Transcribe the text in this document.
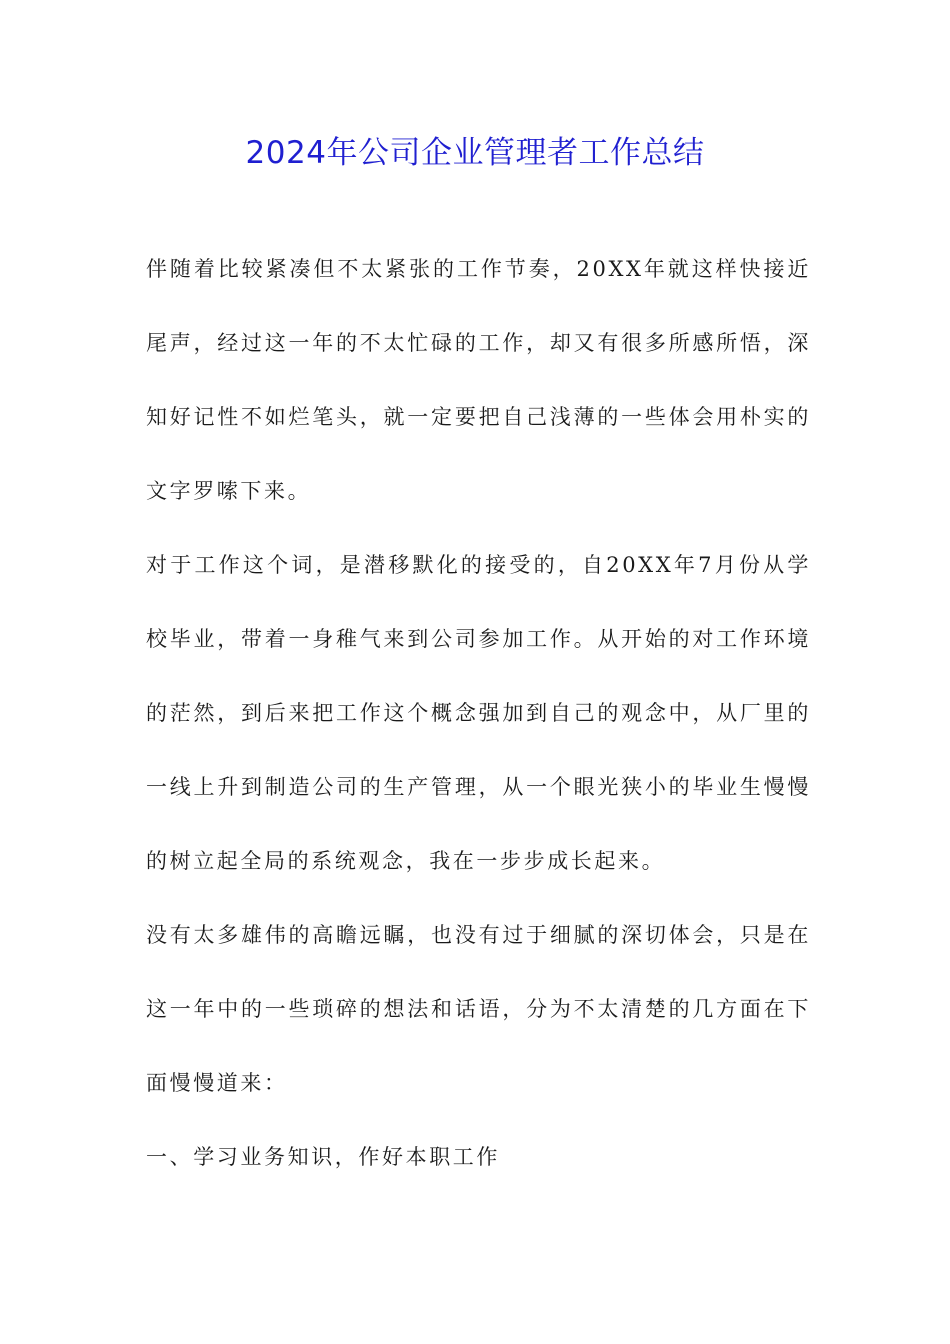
2024年公司企业管理者工作总结

伴随着比较紧凑但不太紧张的工作节奏，20XX年就这样快接近尾声，经过这一年的不太忙碌的工作，却又有很多所感所悟，深知好记性不如烂笔头，就一定要把自己浅薄的一些体会用朴实的文字罗嗦下来。

对于工作这个词，是潜移默化的接受的，自20XX年7月份从学校毕业，带着一身稚气来到公司参加工作。从开始的对工作环境的茫然，到后来把工作这个概念强加到自己的观念中，从厂里的一线上升到制造公司的生产管理，从一个眼光狭小的毕业生慢慢的树立起全局的系统观念，我在一步步成长起来。

没有太多雄伟的高瞻远瞩，也没有过于细腻的深切体会，只是在这一年中的一些琐碎的想法和话语，分为不太清楚的几方面在下面慢慢道来：

一、学习业务知识，作好本职工作
